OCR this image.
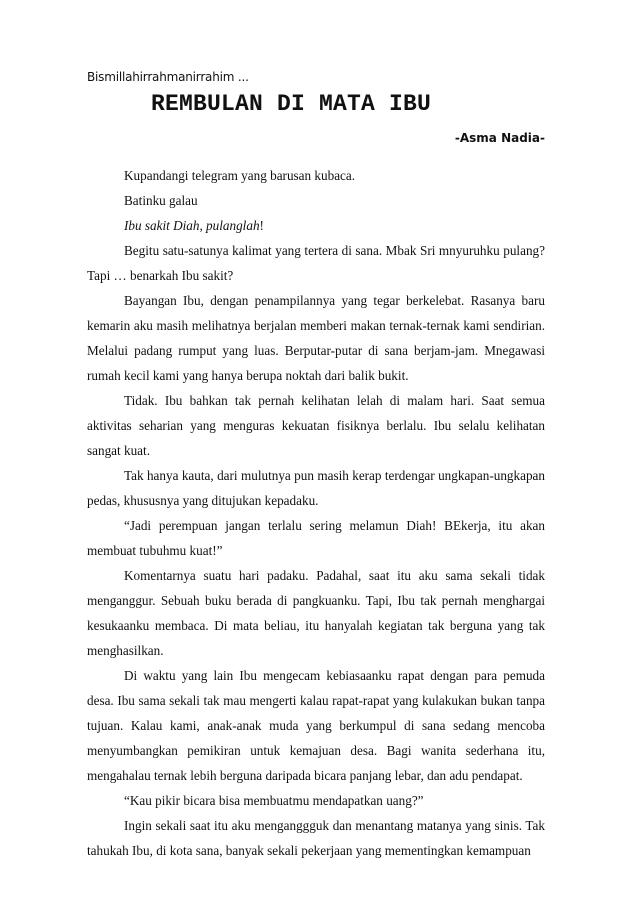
Bismillahirrahmanirrahim ...
REMBULAN DI MATA IBU
-Asma Nadia-

Kupandangi telegram yang barusan kubaca.

Batinku galau

Ibu sakit Diah, pulanglah!

Begitu satu-satunya kalimat yang tertera di sana. Mbak Sri mnyuruhku pulang? Tapi … benarkah Ibu sakit?

Bayangan Ibu, dengan penampilannya yang tegar berkelebat. Rasanya baru kemarin aku masih melihatnya berjalan memberi makan ternak-ternak kami sendirian. Melalui padang rumput yang luas. Berputar-putar di sana berjam-jam. Mnegawasi rumah kecil kami yang hanya berupa noktah dari balik bukit.

Tidak. Ibu bahkan tak pernah kelihatan lelah di malam hari. Saat semua aktivitas seharian yang menguras kekuatan fisiknya berlalu. Ibu selalu kelihatan sangat kuat.

Tak hanya kauta, dari mulutnya pun masih kerap terdengar ungkapan-ungkapan pedas, khususnya yang ditujukan kepadaku.

“Jadi perempuan jangan terlalu sering melamun Diah! BEkerja, itu akan membuat tubuhmu kuat!”

Komentarnya suatu hari padaku. Padahal, saat itu aku sama sekali tidak menganggur. Sebuah buku berada di pangkuanku. Tapi, Ibu tak pernah menghargai kesukaanku membaca. Di mata beliau, itu hanyalah kegiatan tak berguna yang tak menghasilkan.

Di waktu yang lain Ibu mengecam kebiasaanku rapat dengan para pemuda desa. Ibu sama sekali tak mau mengerti kalau rapat-rapat yang kulakukan bukan tanpa tujuan. Kalau kami, anak-anak muda yang berkumpul di sana sedang mencoba menyumbangkan pemikiran untuk kemajuan desa. Bagi wanita sederhana itu, mengahalau ternak lebih berguna daripada bicara panjang lebar, dan adu pendapat.

“Kau pikir bicara bisa membuatmu mendapatkan uang?”

Ingin sekali saat itu aku menganggguk dan menantang matanya yang sinis. Tak tahukah Ibu, di kota sana, banyak sekali pekerjaan yang mementingkan kemampuan
